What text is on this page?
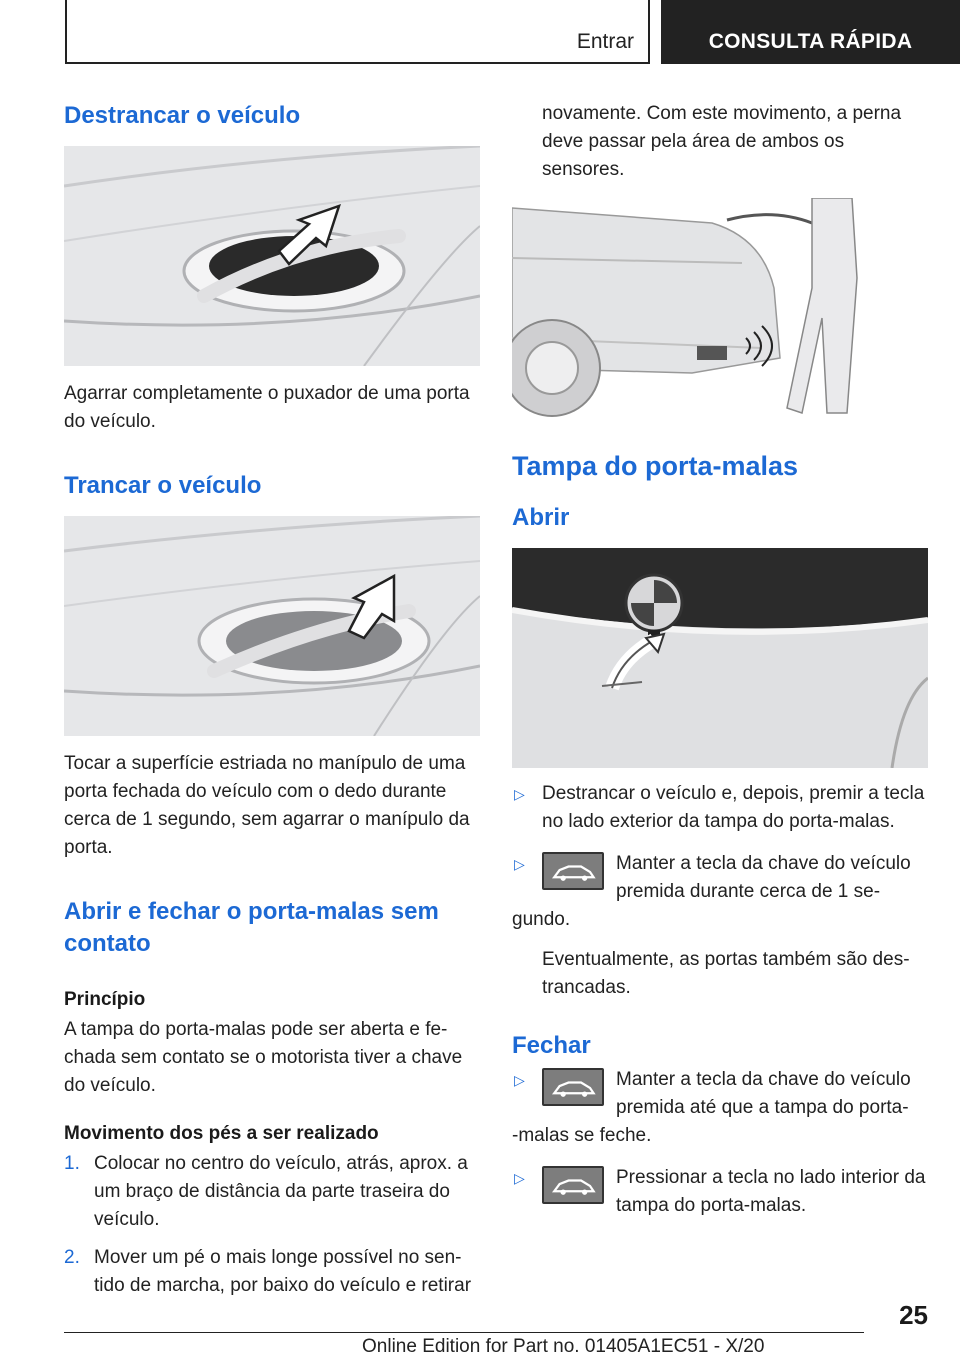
Entrar	CONSULTA RÁPIDA
Destrancar o veículo

Agarrar completamente o puxador de uma porta do veículo.

Trancar o veículo

Tocar a superfície estriada no manípulo de uma porta fechada do veículo com o dedo durante cerca de 1 segundo, sem agarrar o manípulo da porta.

Abrir e fechar o porta-malas sem contato
Princípio

A tampa do porta-malas pode ser aberta e fe- chada sem contato se o motorista tiver a chave do veículo.

Movimento dos pés a ser realizado
1. Colocar no centro do veículo, atrás, aprox. a um braço de distância da parte traseira do veículo.
2. Mover um pé o mais longe possível no sen- tido de marcha, por baixo do veículo e retirar

novamente. Com este movimento, a perna deve passar pela área de ambos os sensores.

Tampa do porta-malas
Abrir
▷ Destrancar o veículo e, depois, premir a tecla no lado exterior da tampa do porta-malas.
▷	Manter a tecla da chave do veículo premida durante cerca de 1 se-
gundo.
Eventualmente, as portas também são des- trancadas.
Fechar
▷	Manter a tecla da chave do veículo premida até que a tampa do porta-
-malas se feche.
▷	Pressionar a tecla no lado interior da tampa do porta-malas.
25
Online Edition for Part no. 01405A1EC51 - X/20
